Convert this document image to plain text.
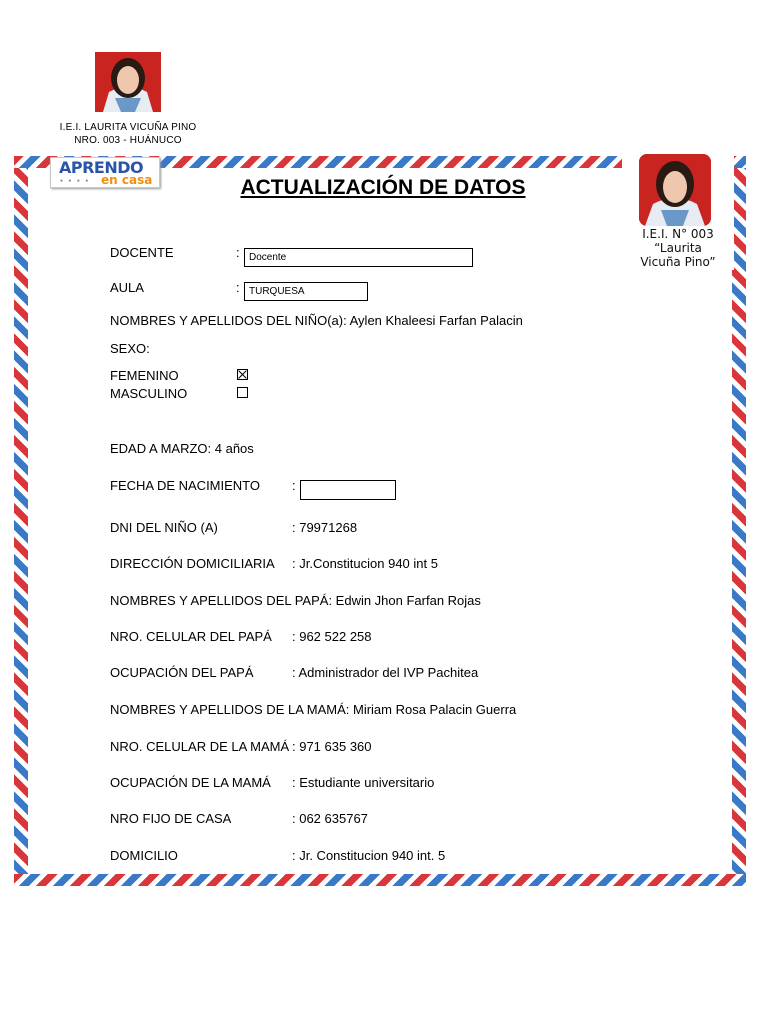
I.E.I. LAURITA VICUÑA PINO
NRO. 003 - HUÁNUCO
APRENDO
● ● ● ● en casa
I.E.I. N° 003
“Laurita
Vicuña Pino”
ACTUALIZACIÓN DE DATOS
DOCENTE	: Docente
AULA	: TURQUESA
NOMBRES Y APELLIDOS DEL NIÑO(a): Aylen Khaleesi Farfan Palacin
SEXO:
FEMENINO
MASCULINO
EDAD A MARZO: 4 años
FECHA DE NACIMIENTO :
DNI DEL NIÑO (A)	: 79971268
DIRECCIÓN DOMICILIARIA : Jr.Constitucion 940 int 5
NOMBRES Y APELLIDOS DEL PAPÁ: Edwin Jhon Farfan Rojas
NRO. CELULAR DEL PAPÁ : 962 522 258
OCUPACIÓN DEL PAPÁ	: Administrador del IVP Pachitea
NOMBRES Y APELLIDOS DE LA MAMÁ: Miriam Rosa Palacin Guerra
NRO. CELULAR DE LA MAMÁ : 971 635 360
OCUPACIÓN DE LA MAMÁ : Estudiante universitario
NRO FIJO DE CASA	: 062 635767
DOMICILIO	: Jr. Constitucion 940 int. 5
